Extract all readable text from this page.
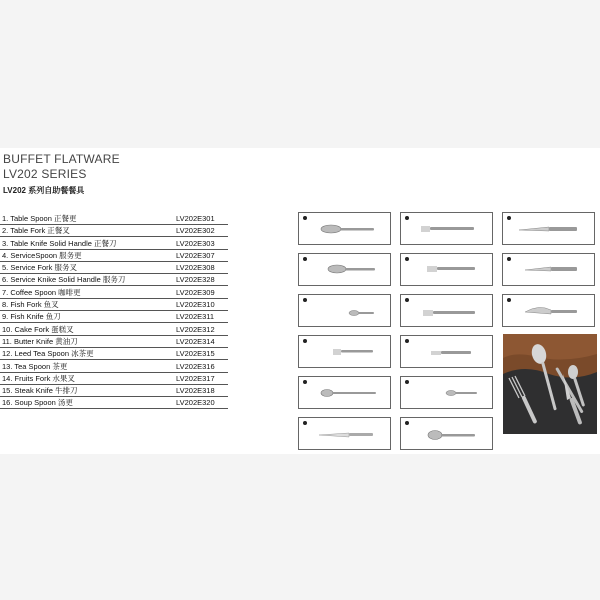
BUFFET FLATWARE
LV202 SERIES
LV202 系列自助餐餐具
1. Table Spoon 正餐更	LV202E301
2. Table Fork 正餐叉	LV202E302
3. Table Knife Solid Handle 正餐刀	LV202E303
4. ServiceSpoon 服务更	LV202E307
5. Service Fork 服务叉	LV202E308
6. Service Knike Solid Handle 服务刀	LV202E328
7. Coffee Spoon 咖啡更	LV202E309
8. Fish Fork 鱼叉	LV202E310
9. Fish Knife 鱼刀	LV202E311
10. Cake Fork 蛋糕叉	LV202E312
11. Butter Knife 黄油刀	LV202E314
12. Leed Tea Spoon 冰茶更	LV202E315
13. Tea Spoon 茶更	LV202E316
14. Fruits Fork 水果叉	LV202E317
15. Steak Knife 牛排刀	LV202E318
16. Soup Spoon 汤更	LV202E320
